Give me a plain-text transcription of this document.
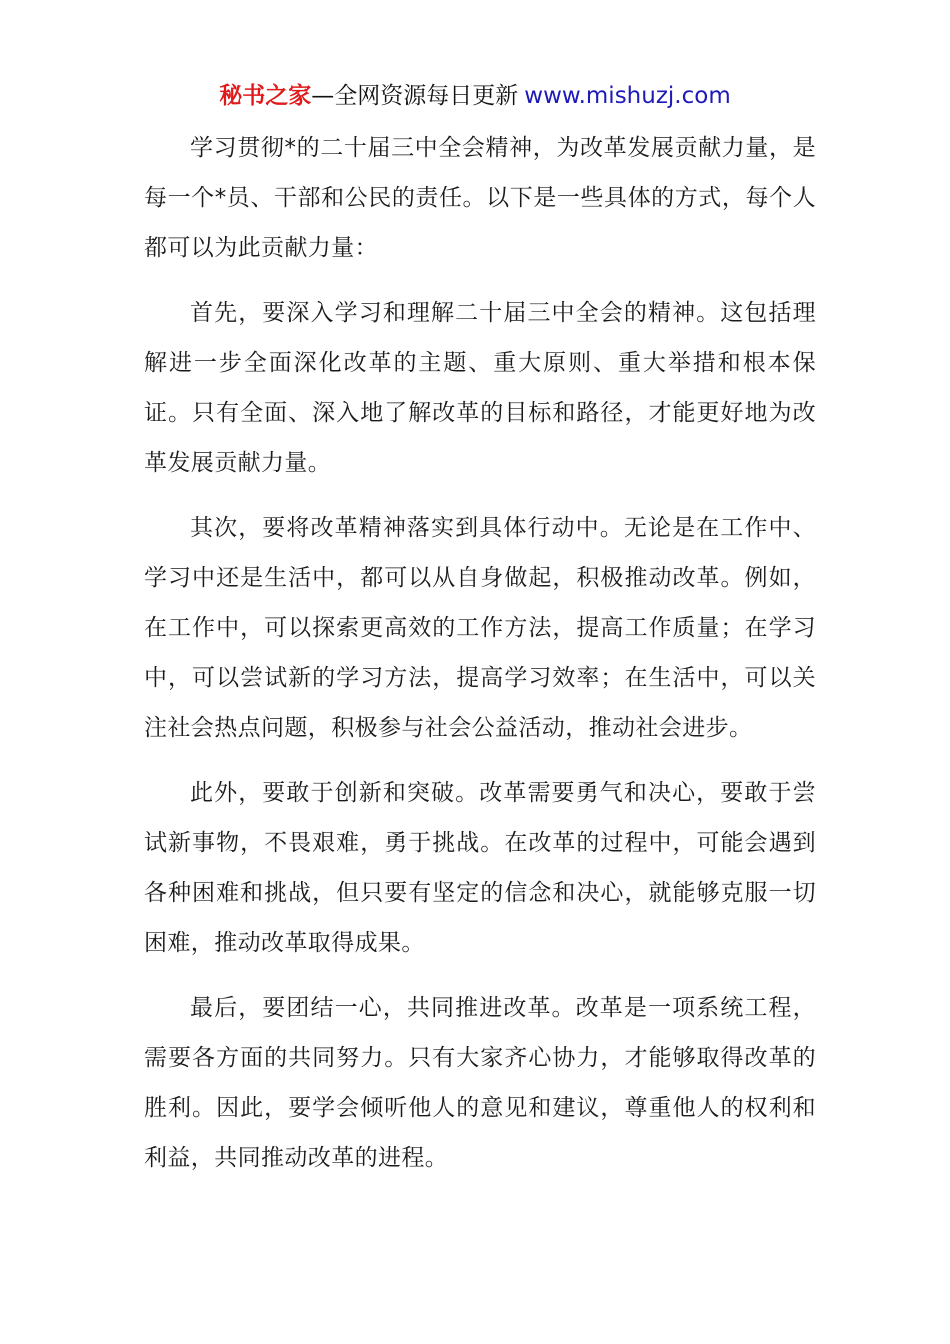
秘书之家—全网资源每日更新 www.mishuzj.com

学习贯彻*的二十届三中全会精神，为改革发展贡献力量，是每一个*员、干部和公民的责任。以下是一些具体的方式，每个人都可以为此贡献力量：

首先，要深入学习和理解二十届三中全会的精神。这包括理解进一步全面深化改革的主题、重大原则、重大举措和根本保证。只有全面、深入地了解改革的目标和路径，才能更好地为改革发展贡献力量。

其次，要将改革精神落实到具体行动中。无论是在工作中、学习中还是生活中，都可以从自身做起，积极推动改革。例如，在工作中，可以探索更高效的工作方法，提高工作质量；在学习中，可以尝试新的学习方法，提高学习效率；在生活中，可以关注社会热点问题，积极参与社会公益活动，推动社会进步。

此外，要敢于创新和突破。改革需要勇气和决心，要敢于尝试新事物，不畏艰难，勇于挑战。在改革的过程中，可能会遇到各种困难和挑战，但只要有坚定的信念和决心，就能够克服一切困难，推动改革取得成果。

最后，要团结一心，共同推进改革。改革是一项系统工程，需要各方面的共同努力。只有大家齐心协力，才能够取得改革的胜利。因此，要学会倾听他人的意见和建议，尊重他人的权利和利益，共同推动改革的进程。
